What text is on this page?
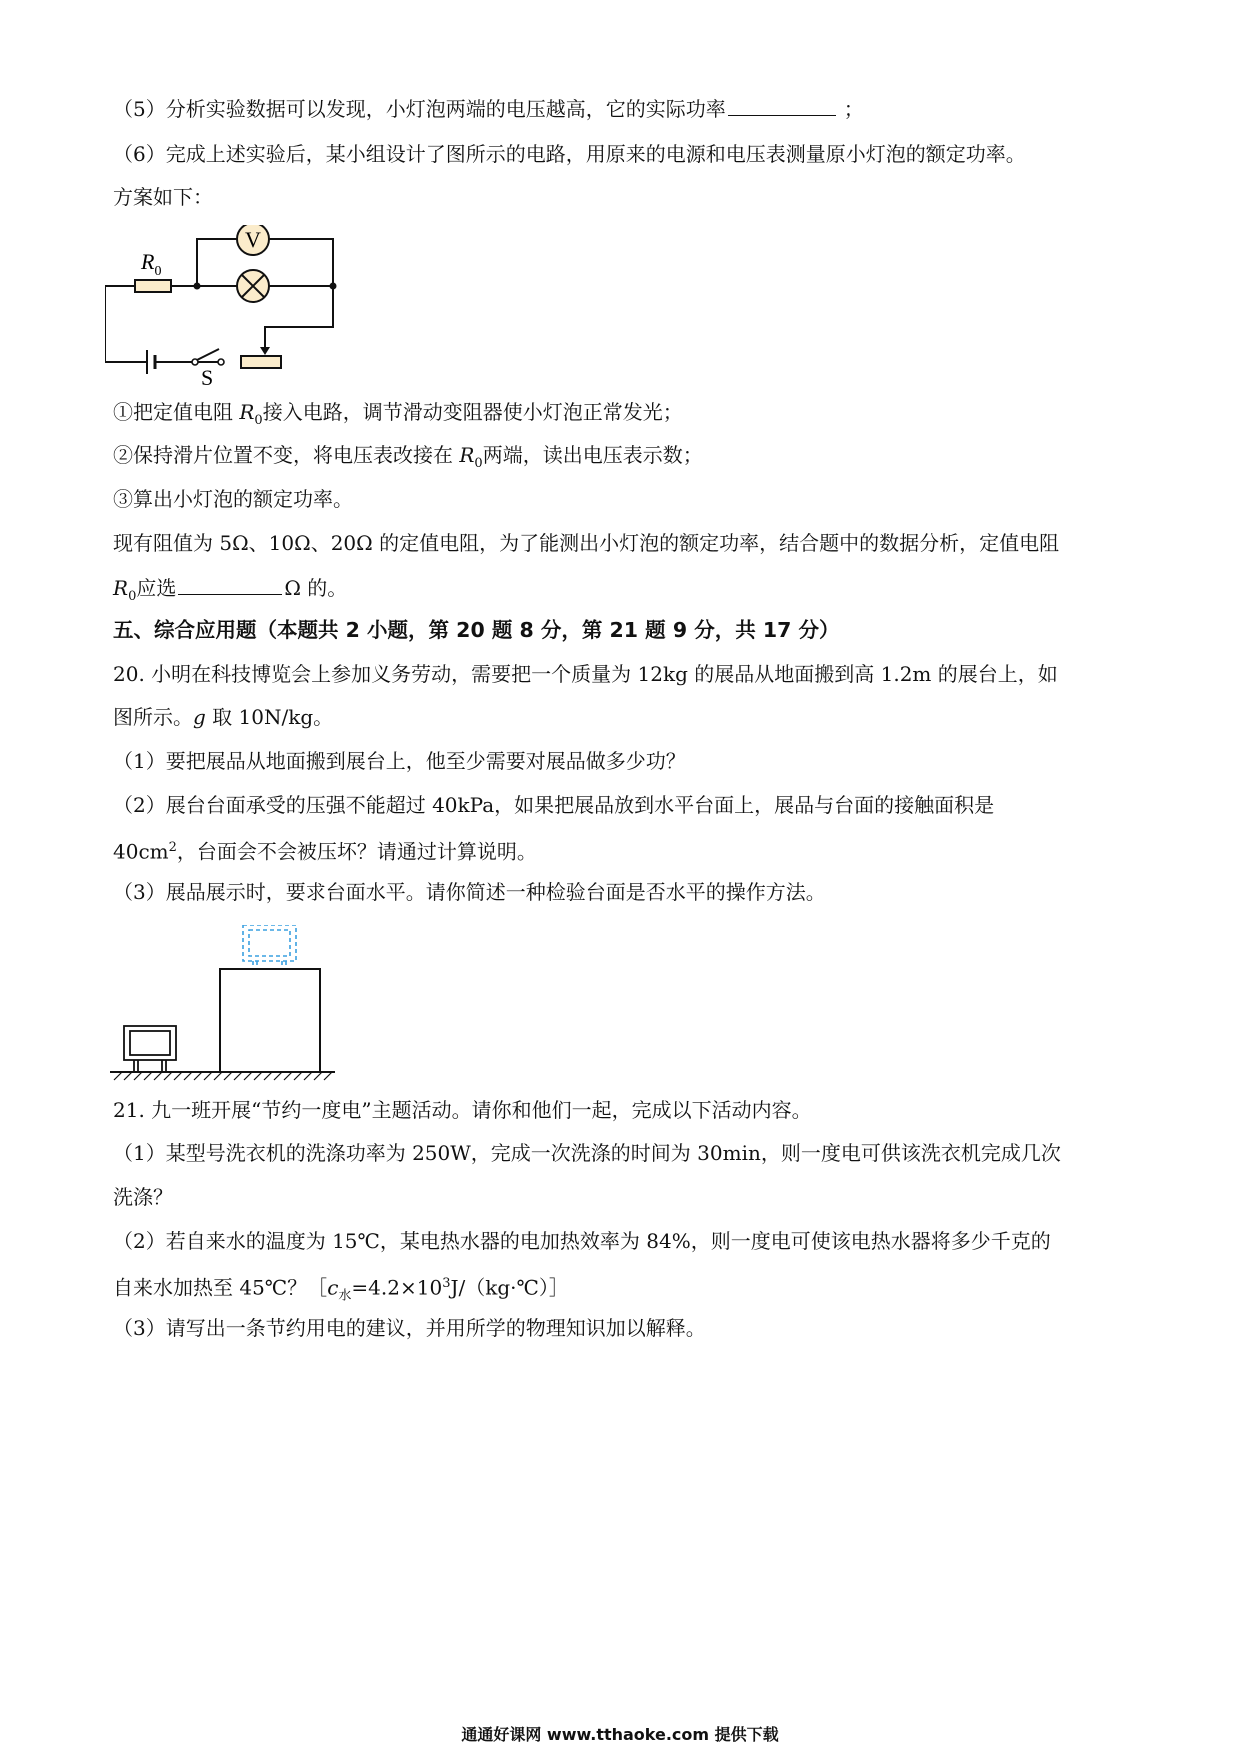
（5）分析实验数据可以发现，小灯泡两端的电压越高，它的实际功率	；
（6）完成上述实验后，某小组设计了图所示的电路，用原来的电源和电压表测量原小灯泡的额定功率。
方案如下：
V
$R_0$
S
①把定值电阻 $R_0$接入电路，调节滑动变阻器使小灯泡正常发光；
②保持滑片位置不变，将电压表改接在 $R_0$两端，读出电压表示数；
③算出小灯泡的额定功率。
现有阻值为 5Ω、10Ω、20Ω 的定值电阻，为了能测出小灯泡的额定功率，结合题中的数据分析，定值电阻
$R_0$应选	Ω 的。
五、综合应用题（本题共 2 小题，第 20 题 8 分，第 21 题 9 分，共 17 分）
20. 小明在科技博览会上参加义务劳动，需要把一个质量为 12kg 的展品从地面搬到高 1.2m 的展台上，如
图所示。g 取 10N/kg。
（1）要把展品从地面搬到展台上，他至少需要对展品做多少功？
（2）展台台面承受的压强不能超过 40kPa，如果把展品放到水平台面上，展品与台面的接触面积是
$40cm^2$，台面会不会被压坏？请通过计算说明。
（3）展品展示时，要求台面水平。请你简述一种检验台面是否水平的操作方法。
21. 九一班开展“节约一度电”主题活动。请你和他们一起，完成以下活动内容。
（1）某型号洗衣机的洗涤功率为 250W，完成一次洗涤的时间为 30min，则一度电可供该洗衣机完成几次
洗涤？
（2）若自来水的温度为 15℃，某电热水器的电加热效率为 84%，则一度电可使该电热水器将多少千克的
自来水加热至 45℃？$[c_水=4.2\times 10^3J/(kg\cdot℃)]$
（3）请写出一条节约用电的建议，并用所学的物理知识加以解释。
通通好课网 www.tthaoke.com 提供下载
